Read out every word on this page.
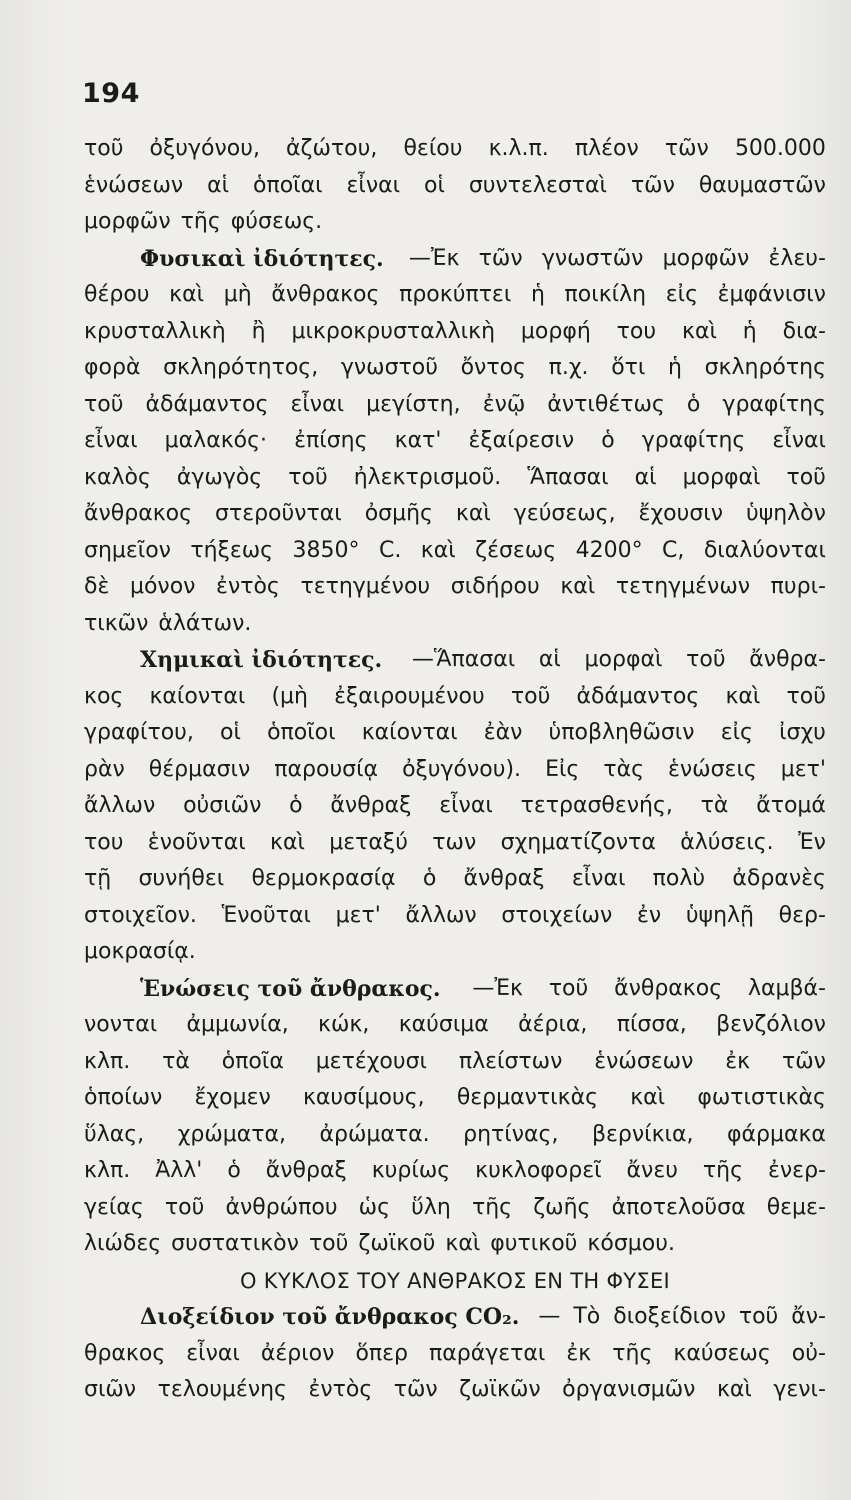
194
τοῦ ὀξυγόνου, ἀζώτου, θείου κ.λ.π. πλέον τῶν 500.000
ἑνώσεων αἱ ὁποῖαι εἶναι οἱ συντελεσταὶ τῶν θαυμαστῶν
μορφῶν τῆς φύσεως.
Φυσικαὶ ἰδιότητες. —Ἐκ τῶν γνωστῶν μορφῶν ἐλευ-
θέρου καὶ μὴ ἄνθρακος προκύπτει ἡ ποικίλη εἰς ἐμφάνισιν
κρυσταλλικὴ ἢ μικροκρυσταλλικὴ μορφή του καὶ ἡ δια-
φορὰ σκληρότητος, γνωστοῦ ὄντος π.χ. ὅτι ἡ σκληρότης
τοῦ ἀδάμαντος εἶναι μεγίστη, ἐνῷ ἀντιθέτως ὁ γραφίτης
εἶναι μαλακός· ἐπίσης κατ' ἐξαίρεσιν ὁ γραφίτης εἶναι
καλὸς ἀγωγὸς τοῦ ἠλεκτρισμοῦ. Ἅπασαι αἱ μορφαὶ τοῦ
ἄνθρακος στεροῦνται ὀσμῆς καὶ γεύσεως, ἔχουσιν ὑψηλὸν
σημεῖον τήξεως 3850° C. καὶ ζέσεως 4200° C, διαλύονται
δὲ μόνον ἐντὸς τετηγμένου σιδήρου καὶ τετηγμένων πυρι-
τικῶν ἁλάτων.
Χημικαὶ ἰδιότητες. —Ἅπασαι αἱ μορφαὶ τοῦ ἄνθρα-
κος καίονται (μὴ ἐξαιρουμένου τοῦ ἀδάμαντος καὶ τοῦ
γραφίτου, οἱ ὁποῖοι καίονται ἐὰν ὑποβληθῶσιν εἰς ἰσχυ
ρὰν θέρμασιν παρουσίᾳ ὀξυγόνου). Εἰς τὰς ἑνώσεις μετ'
ἄλλων οὐσιῶν ὁ ἄνθραξ εἶναι τετρασθενής, τὰ ἄτομά
του ἑνοῦνται καὶ μεταξύ των σχηματίζοντα ἁλύσεις. Ἐν
τῇ συνήθει θερμοκρασίᾳ ὁ ἄνθραξ εἶναι πολὺ ἀδρανὲς
στοιχεῖον. Ἑνοῦται μετ' ἄλλων στοιχείων ἐν ὑψηλῇ θερ-
μοκρασίᾳ.
Ἑνώσεις τοῦ ἄνθρακος. —Ἐκ τοῦ ἄνθρακος λαμβά-
νονται ἀμμωνία, κώκ, καύσιμα ἀέρια, πίσσα, βενζόλιον
κλπ. τὰ ὁποῖα μετέχουσι πλείστων ἑνώσεων ἐκ τῶν
ὁποίων ἔχομεν καυσίμους, θερμαντικὰς καὶ φωτιστικὰς
ὕλας, χρώματα, ἀρώματα. ρητίνας, βερνίκια, φάρμακα
κλπ. Ἀλλ' ὁ ἄνθραξ κυρίως κυκλοφορεῖ ἄνευ τῆς ἐνερ-
γείας τοῦ ἀνθρώπου ὡς ὕλη τῆς ζωῆς ἀποτελοῦσα θεμε-
λιώδες συστατικὸν τοῦ ζωϊκοῦ καὶ φυτικοῦ κόσμου.
Ο ΚΥΚΛΟΣ ΤΟΥ ΑΝΘΡΑΚΟΣ ΕΝ ΤΗ ΦΥΣΕΙ
Διοξείδιον τοῦ ἄνθρακος CO₂. — Τὸ διοξείδιον τοῦ ἄν-
θρακος εἶναι ἀέριον ὅπερ παράγεται ἐκ τῆς καύσεως οὐ-
σιῶν τελουμένης ἐντὸς τῶν ζωϊκῶν ὀργανισμῶν καὶ γενι-
